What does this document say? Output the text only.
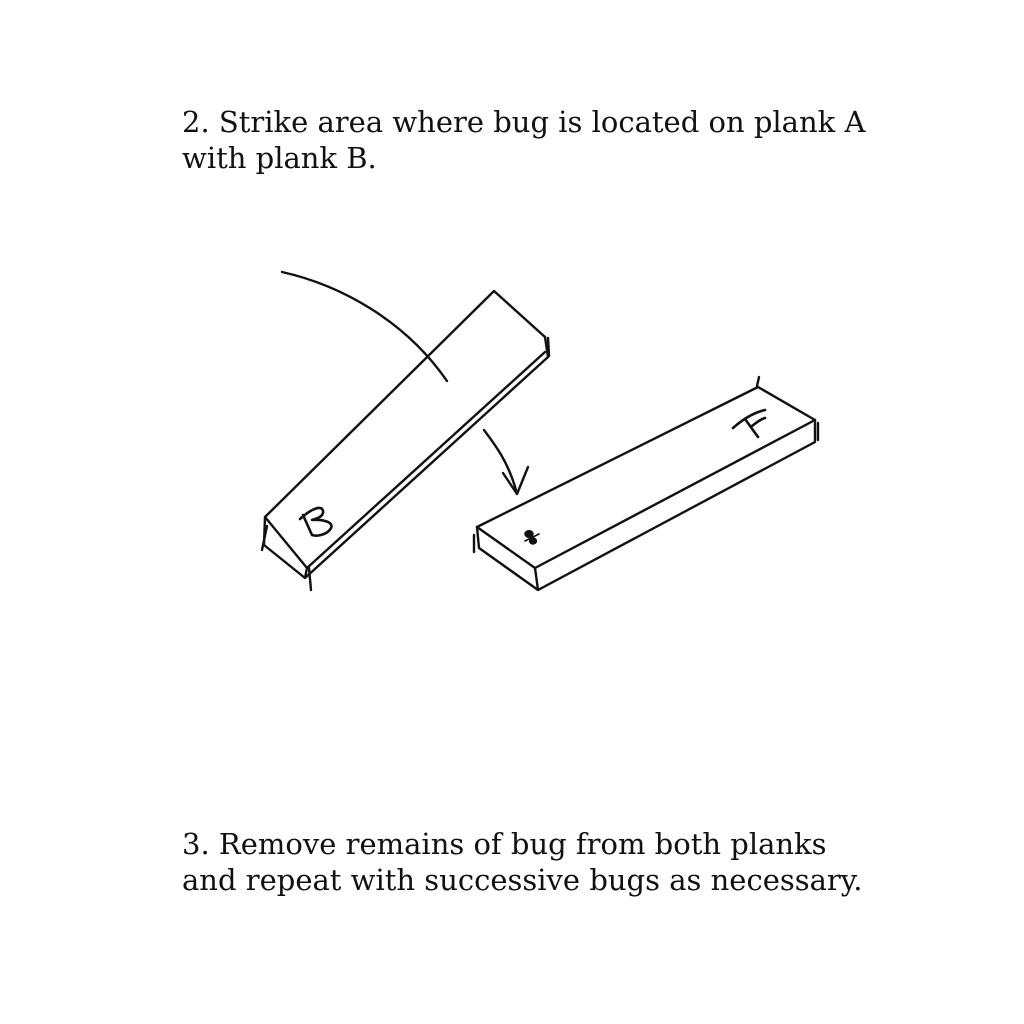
2. Strike area where bug is located on plank A

with plank B.

3. Remove remains of bug from both planks

and repeat with successive bugs as necessary.
